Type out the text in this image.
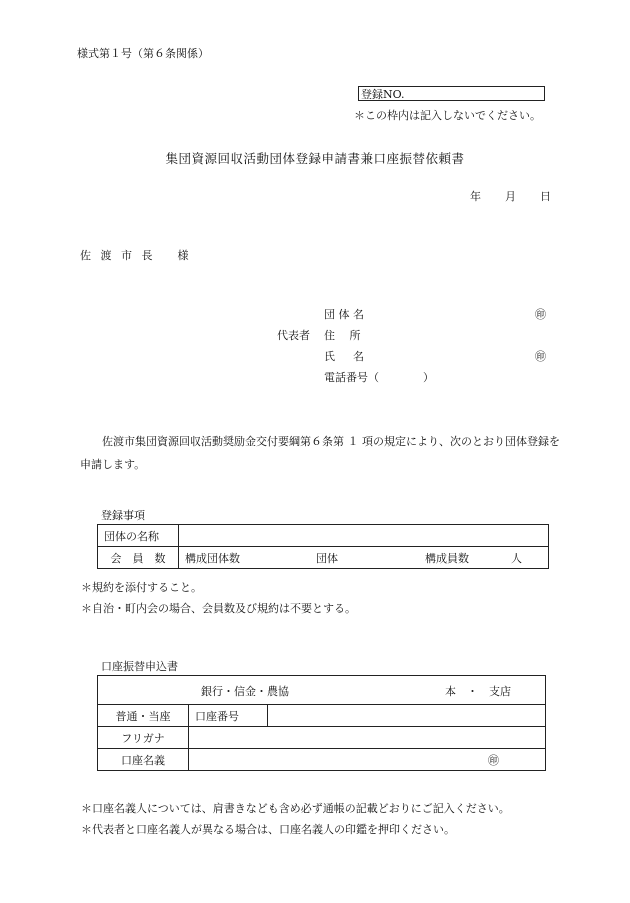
様式第１号（第６条関係）
登録NO.
＊この枠内は記入しないでください。
集団資源回収活動団体登録申請書兼口座振替依頼書
年 月 日
佐 渡 市 長 様
団 体 名	㊞
代表者 住　 所
氏 　 名	㊞
電話番号（　　　　）
佐渡市集団資源回収活動奨励金交付要綱第６条第 １ 項の規定により、次のとおり団体登録を申請します。
登録事項
団体の名称				
会　員　数	構成団体数	団体	構成員数	人
＊規約を添付すること。
＊自治・町内会の場合、会員数及び規約は不要とする。
口座振替申込書
銀行・信金・農協 本　・　支店		

普通・当座	口座番号	
フリガナ		
口座名義	㊞	
＊口座名義人については、肩書きなども含め必ず通帳の記載どおりにご記入ください。
＊代表者と口座名義人が異なる場合は、口座名義人の印鑑を押印ください。
